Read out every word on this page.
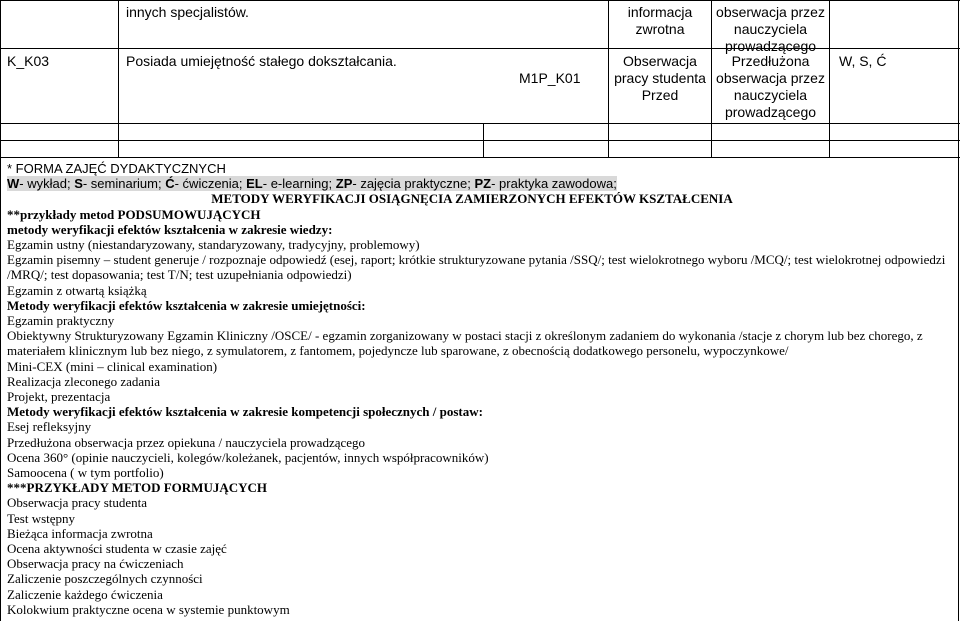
innych specjalistów.	informacja
zwrotna
obserwacja przez
nauczyciela
prowadzącego
K_K03	Posiada umiejętność stałego dokształcania.
M1P_K01
Obserwacja
pracy studenta
Przed
Przedłużona
obserwacja przez
nauczyciela
prowadzącego
W, S, Ć
* FORMA ZAJĘĆ DYDAKTYCZNYCH
W- wykład; S- seminarium; Ć- ćwiczenia; EL- e-learning; ZP- zajęcia praktyczne; PZ- praktyka zawodowa;
METODY WERYFIKACJI OSIĄGNĘCIA ZAMIERZONYCH EFEKTÓW KSZTAŁCENIA
**przykłady metod PODSUMOWUJĄCYCH
metody weryfikacji efektów kształcenia w zakresie wiedzy:
Egzamin ustny (niestandaryzowany, standaryzowany, tradycyjny, problemowy)
Egzamin pisemny – student generuje / rozpoznaje odpowiedź (esej, raport; krótkie strukturyzowane pytania /SSQ/; test wielokrotnego wyboru /MCQ/; test wielokrotnej odpowiedzi /MRQ/; test dopasowania; test T/N; test uzupełniania odpowiedzi)
Egzamin z otwartą książką
Metody weryfikacji efektów kształcenia w zakresie umiejętności:
Egzamin praktyczny
Obiektywny Strukturyzowany Egzamin Kliniczny /OSCE/ - egzamin zorganizowany w postaci stacji z określonym zadaniem do wykonania /stacje z chorym lub bez chorego, z materiałem klinicznym lub bez niego, z symulatorem, z fantomem, pojedyncze lub sparowane, z obecnością dodatkowego personelu, wypoczynkowe/
Mini-CEX (mini – clinical examination)
Realizacja zleconego zadania
Projekt, prezentacja
Metody weryfikacji efektów kształcenia w zakresie kompetencji społecznych / postaw:
Esej refleksyjny
Przedłużona obserwacja przez opiekuna / nauczyciela prowadzącego
Ocena 360° (opinie nauczycieli, kolegów/koleżanek, pacjentów, innych współpracowników)
Samoocena ( w tym portfolio)
***PRZYKŁADY METOD FORMUJĄCYCH
Obserwacja pracy studenta
Test wstępny
Bieżąca informacja zwrotna
Ocena aktywności studenta w czasie zajęć
Obserwacja pracy na ćwiczeniach
Zaliczenie poszczególnych czynności
Zaliczenie każdego ćwiczenia
Kolokwium praktyczne ocena w systemie punktowym
